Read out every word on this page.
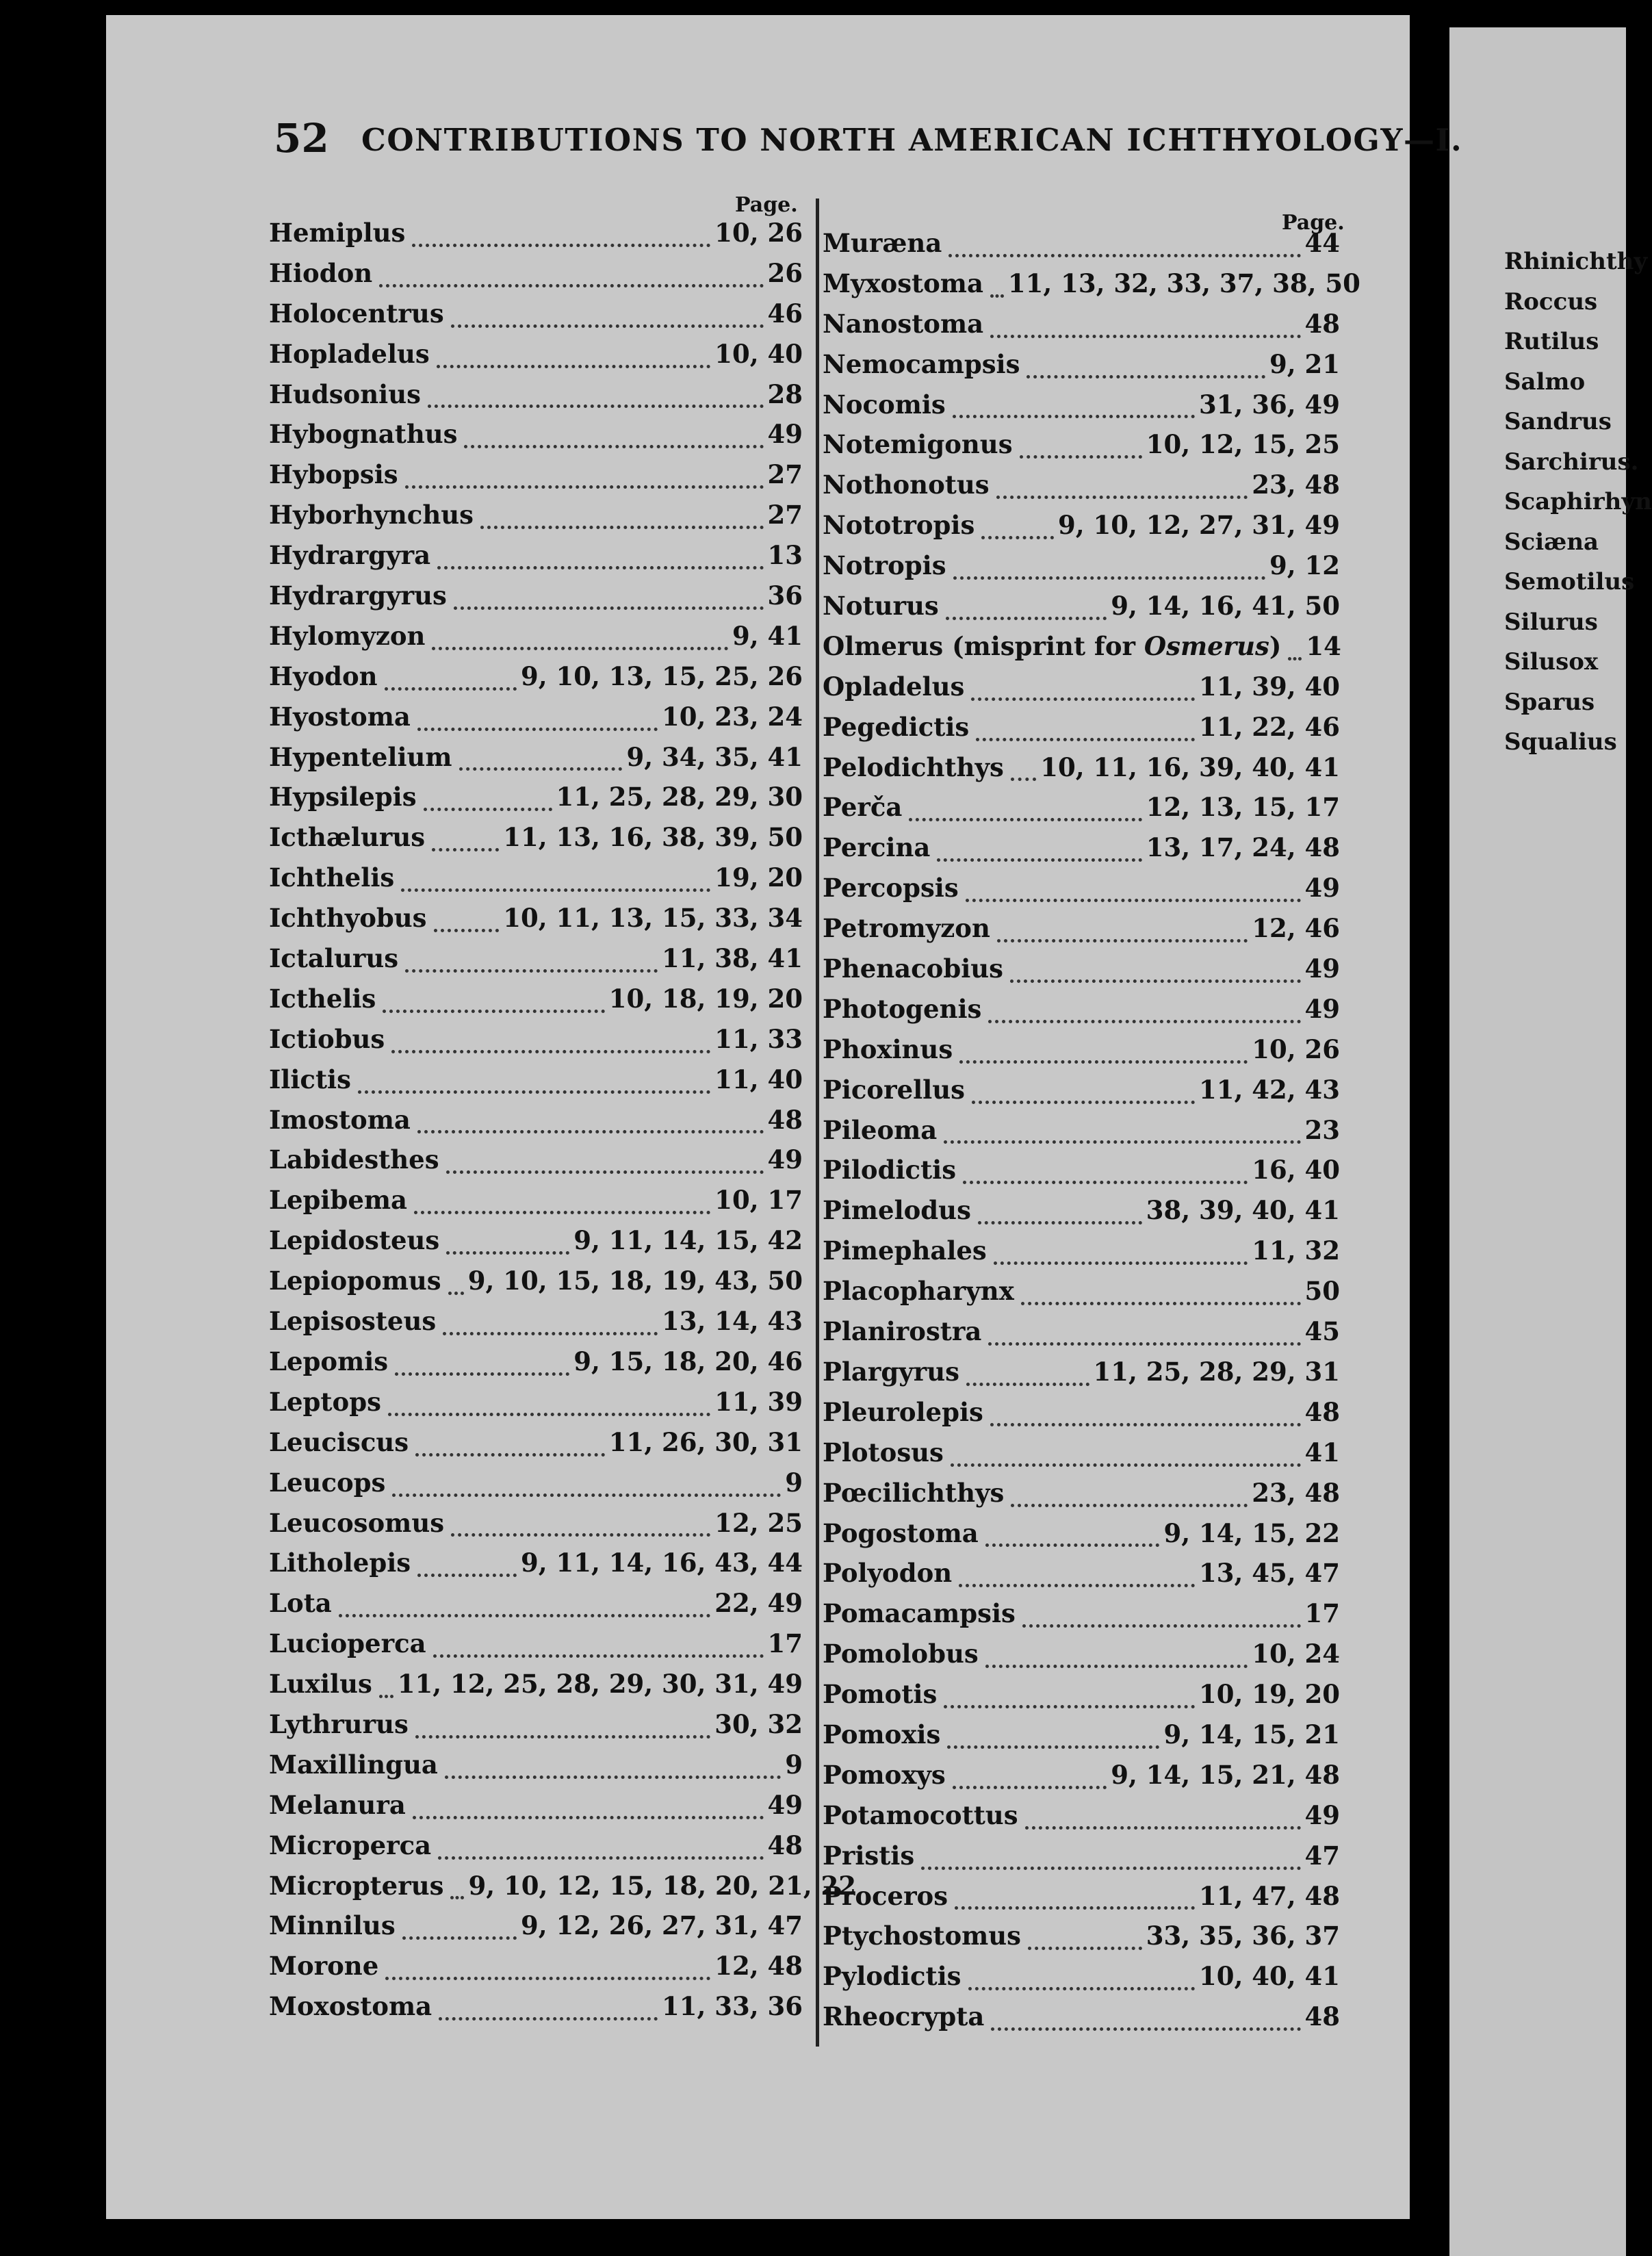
52 CONTRIBUTIONS TO NORTH AMERICAN ICHTHYOLOGY—I.
Page.
Page.
Hemiplus	10, 26
Hiodon	26
Holocentrus	46
Hopladelus	10, 40
Hudsonius	28
Hybognathus	49
Hybopsis	27
Hyborhynchus	27
Hydrargyra	13
Hydrargyrus	36
Hylomyzon	9, 41
Hyodon	9, 10, 13, 15, 25, 26
Hyostoma	10, 23, 24
Hypentelium	9, 34, 35, 41
Hypsilepis	11, 25, 28, 29, 30
Icthælurus	11, 13, 16, 38, 39, 50
Ichthelis	19, 20
Ichthyobus	10, 11, 13, 15, 33, 34
Ictalurus	11, 38, 41
Icthelis	10, 18, 19, 20
Ictiobus	11, 33
Ilictis	11, 40
Imostoma	48
Labidesthes	49
Lepibema	10, 17
Lepidosteus	9, 11, 14, 15, 42
Lepiopomus 9, 10, 15, 18, 19, 43, 50
Lepisosteus	13, 14, 43
Lepomis	9, 15, 18, 20, 46
Leptops	11, 39
Leuciscus	11, 26, 30, 31
Leucops	9
Leucosomus	12, 25
Litholepis	9, 11, 14, 16, 43, 44
Lota	22, 49
Lucioperca	17
Luxilus 11, 12, 25, 28, 29, 30, 31, 49
Lythrurus	30, 32
Maxillingua	9
Melanura	49
Microperca	48
Micropterus 9, 10, 12, 15, 18, 20, 21, 22
Minnilus	9, 12, 26, 27, 31, 47
Morone	12, 48
Moxostoma	11, 33, 36
Muræna	44
Myxostoma 11, 13, 32, 33, 37, 38, 50
Nanostoma	48
Nemocampsis	9, 21
Nocomis	31, 36, 49
Notemigonus	10, 12, 15, 25
Nothonotus	23, 48
Nototropis	9, 10, 12, 27, 31, 49
Notropis	9, 12
Noturus	9, 14, 16, 41, 50
Olmerus (misprint for Osmerus) 14
Opladelus	11, 39, 40
Pegedictis	11, 22, 46
Pelodichthys 10, 11, 16, 39, 40, 41
Perča	12, 13, 15, 17
Percina	13, 17, 24, 48
Percopsis	49
Petromyzon	12, 46
Phenacobius	49
Photogenis	49
Phoxinus	10, 26
Picorellus	11, 42, 43
Pileoma	23
Pilodictis	16, 40
Pimelodus	38, 39, 40, 41
Pimephales	11, 32
Placopharynx	50
Planirostra	45
Plargyrus	11, 25, 28, 29, 31
Pleurolepis	48
Plotosus	41
Pœcilichthys	23, 48
Pogostoma	9, 14, 15, 22
Polyodon	13, 45, 47
Pomacampsis	17
Pomolobus	10, 24
Pomotis	10, 19, 20
Pomoxis	9, 14, 15, 21
Pomoxys	9, 14, 15, 21, 48
Potamocottus	49
Pristis	47
Proceros	11, 47, 48
Ptychostomus	33, 35, 36, 37
Pylodictis	10, 40, 41
Rheocrypta	48
Rhinichthy
Roccus
Rutilus
Salmo
Sandrus
Sarchirus.
Scaphirhyn
Sciæna
Semotilus
Silurus
Silusox
Sparus
Squalius
